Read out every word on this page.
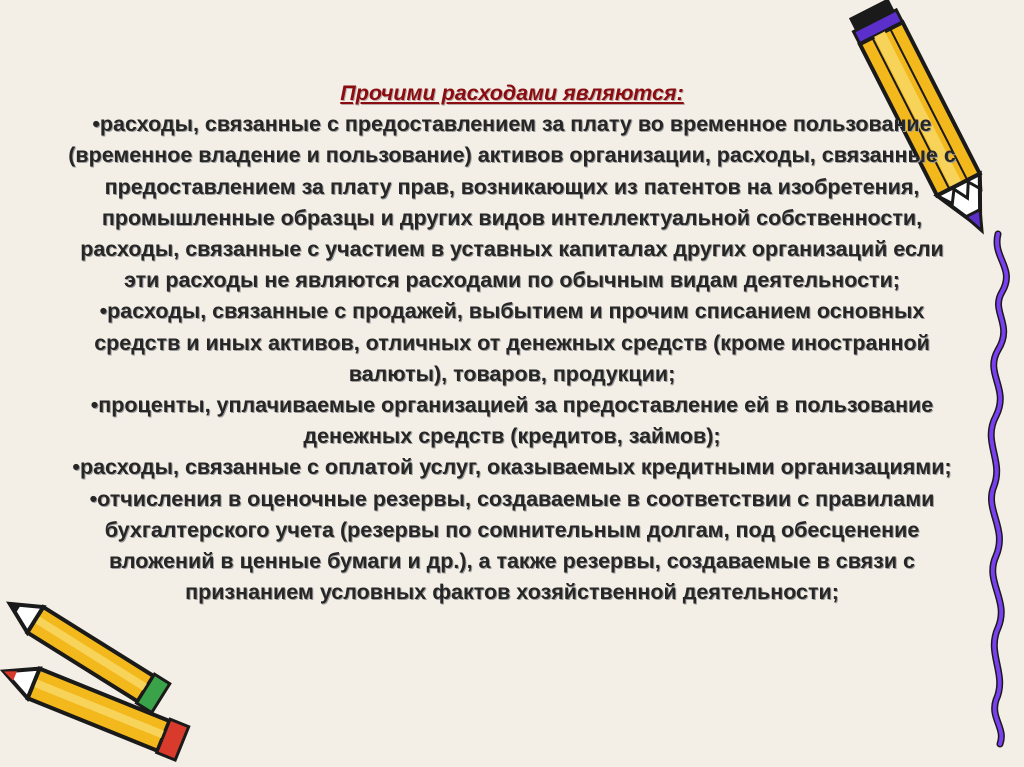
Прочими расходами являются:
•расходы, связанные с предоставлением за плату во временное пользование (временное владение и пользование) активов организации, расходы, связанные с предоставлением за плату прав, возникающих из патентов на изобретения, промышленные образцы и других видов интеллектуальной собственности, расходы, связанные с участием в уставных капиталах других организаций если эти расходы не являются расходами по обычным видам деятельности;
•расходы, связанные с продажей, выбытием и прочим списанием основных средств и иных активов, отличных от денежных средств (кроме иностранной валюты), товаров, продукции;
•проценты, уплачиваемые организацией за предоставление ей в пользование денежных средств (кредитов, займов);
•расходы, связанные с оплатой услуг, оказываемых кредитными организациями;
•отчисления в оценочные резервы, создаваемые в соответствии с правилами бухгалтерского учета (резервы по сомнительным долгам, под обесценение вложений в ценные бумаги и др.), а также резервы, создаваемые в связи с признанием условных фактов хозяйственной деятельности;
